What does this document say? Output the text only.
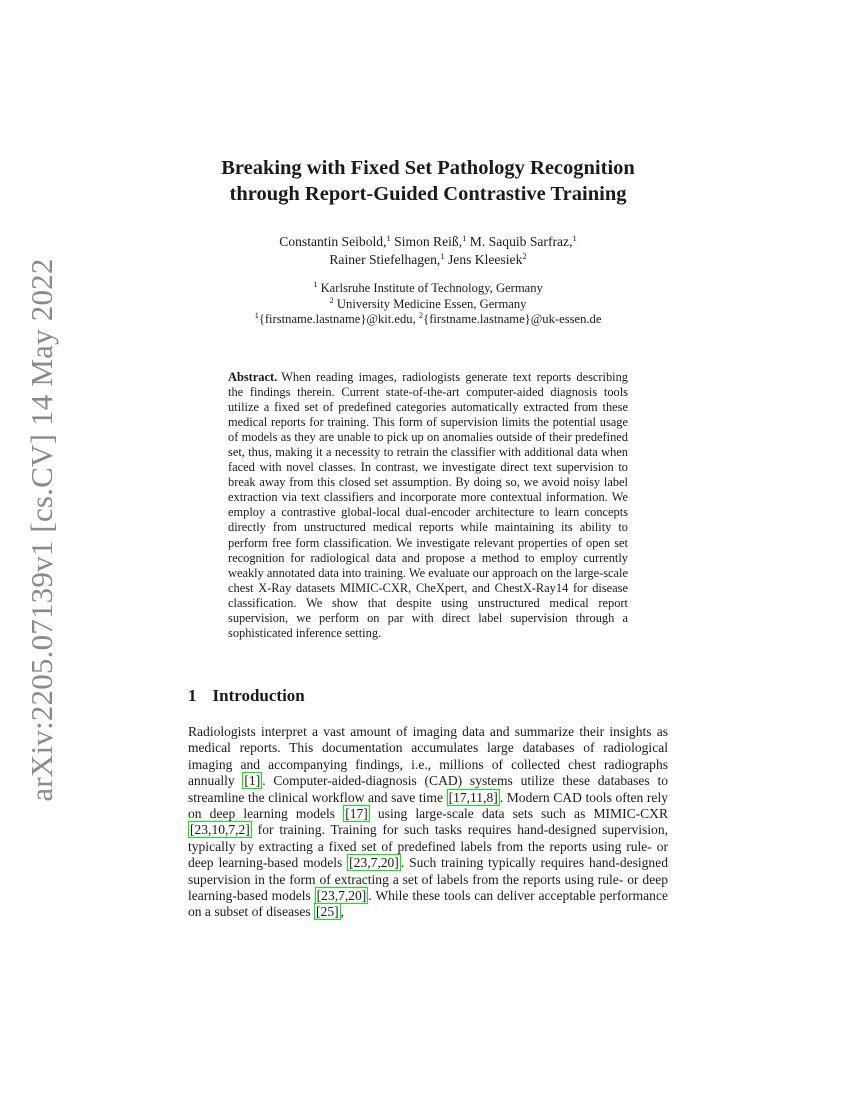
arXiv:2205.07139v1 [cs.CV] 14 May 2022
Breaking with Fixed Set Pathology Recognition
through Report-Guided Contrastive Training
Constantin Seibold,$^1$ Simon Reiß,$^1$ M. Saquib Sarfraz,$^1$
Rainer Stiefelhagen,$^1$ Jens Kleesiek$^2$
$^1$ Karlsruhe Institute of Technology, Germany
$^2$ University Medicine Essen, Germany
$^1${firstname.lastname}@kit.edu, $^2${firstname.lastname}@uk-essen.de
Abstract. When reading images, radiologists generate text reports describing the findings therein. Current state-of-the-art computer-aided diagnosis tools utilize a fixed set of predefined categories automatically extracted from these medical reports for training. This form of supervision limits the potential usage of models as they are unable to pick up on anomalies outside of their predefined set, thus, making it a necessity to retrain the classifier with additional data when faced with novel classes. In contrast, we investigate direct text supervision to break away from this closed set assumption. By doing so, we avoid noisy label extraction via text classifiers and incorporate more contextual information. We employ a contrastive global-local dual-encoder architecture to learn concepts directly from unstructured medical reports while maintaining its ability to perform free form classification. We investigate relevant properties of open set recognition for radiological data and propose a method to employ currently weakly annotated data into training. We evaluate our approach on the large-scale chest X-Ray datasets MIMIC-CXR, CheXpert, and ChestX-Ray14 for disease classification. We show that despite using unstructured medical report supervision, we perform on par with direct label supervision through a sophisticated inference setting.
1 Introduction
Radiologists interpret a vast amount of imaging data and summarize their insights as medical reports. This documentation accumulates large databases of radiological imaging and accompanying findings, i.e., millions of collected chest radiographs annually [1] . Computer-aided-diagnosis (CAD) systems utilize these databases to streamline the clinical workflow and save time [17,11,8] . Modern CAD tools often rely on deep learning models [17] using large-scale data sets such as MIMIC-CXR [23,10,7,2] for training. Training for such tasks requires hand-designed supervision, typically by extracting a fixed set of predefined labels from the reports using rule- or deep learning-based models [23,7,20] . Such training typically requires hand-designed supervision in the form of extracting a set of labels from the reports using rule- or deep learning-based models [23,7,20] . While these tools can deliver acceptable performance on a subset of diseases [25] ,
